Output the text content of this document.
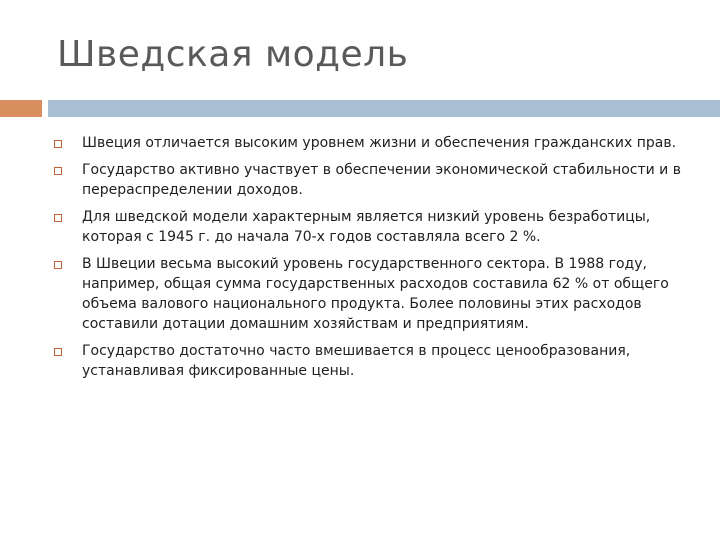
Шведская модель
Швеция отличается высоким уровнем жизни и обеспечения гражданских прав.
Государство активно участвует в обеспечении экономической стабильности и в перераспределении доходов.
Для шведской модели характерным является низкий уровень безработицы, которая с 1945 г. до начала 70-х годов составляла всего 2 %.
В Швеции весьма высокий уровень государственного сектора. В 1988 году, например, общая сумма государственных расходов составила 62 % от общего объема валового национального продукта. Более половины этих расходов составили дотации домашним хозяйствам и предприятиям.
Государство достаточно часто вмешивается в процесс ценообразования, устанавливая фиксированные цены.
